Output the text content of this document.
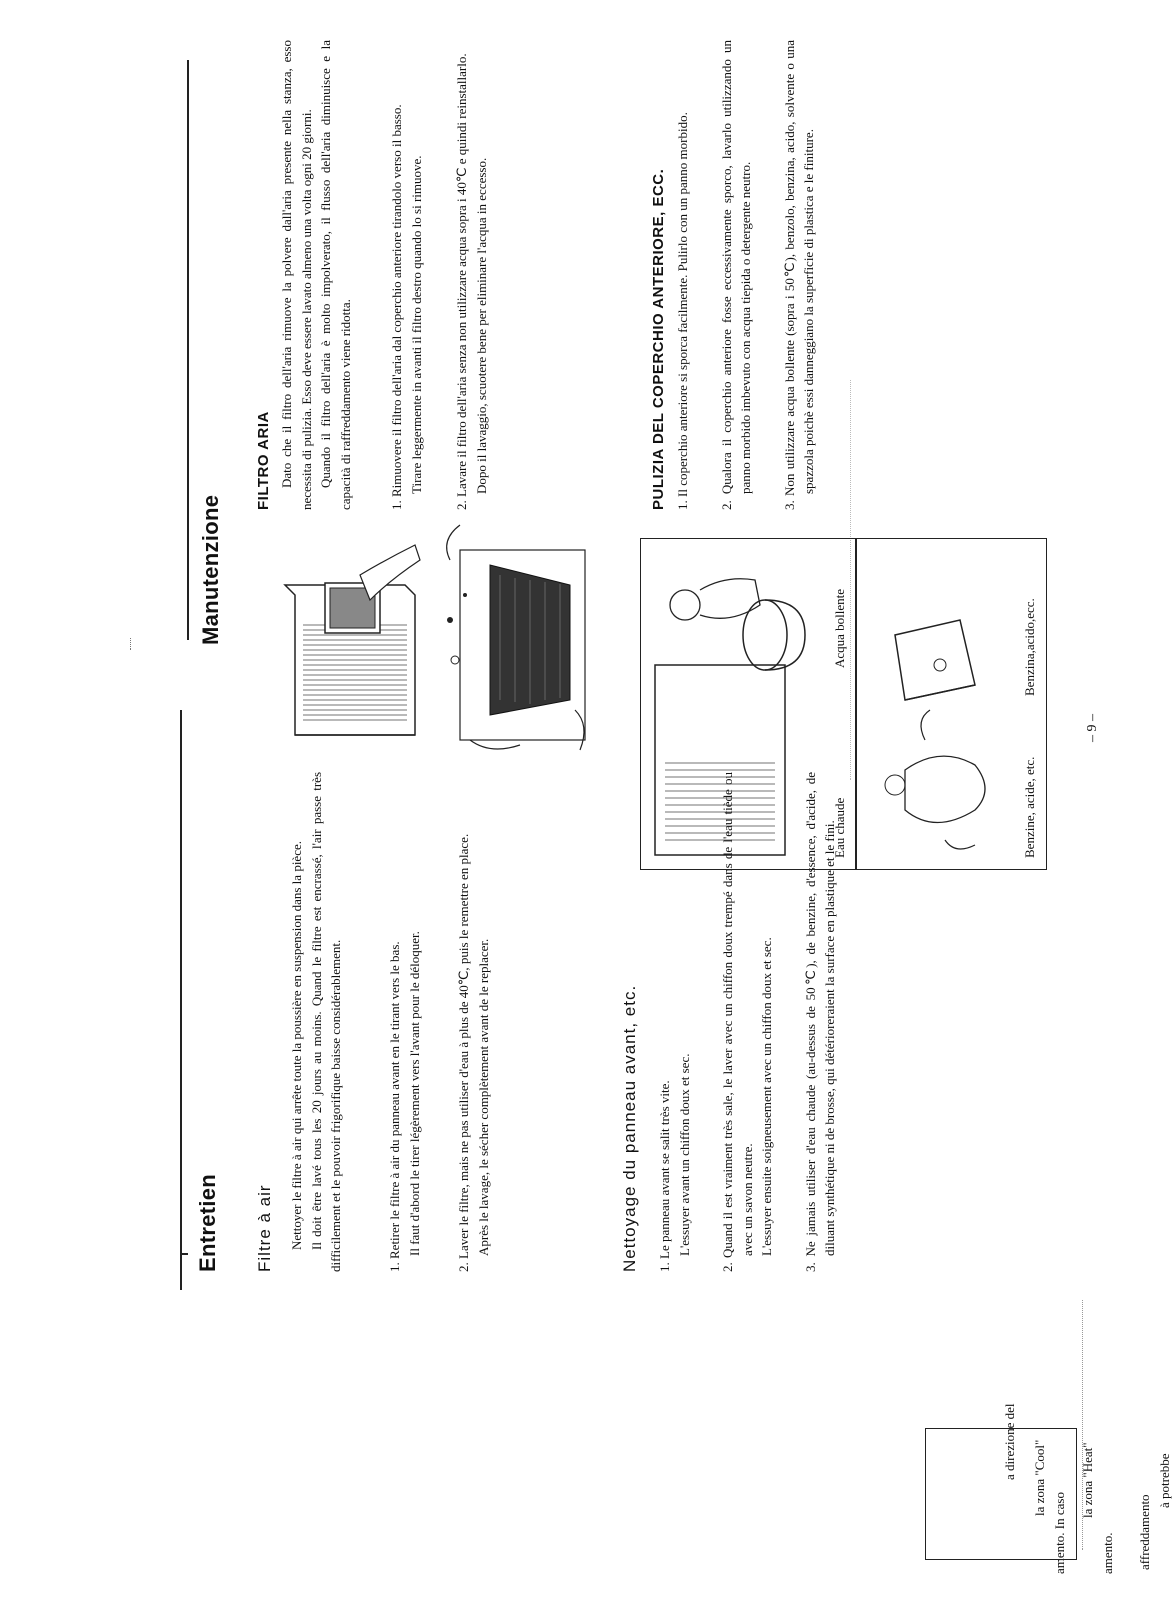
a direzione del la zona "Cool"
amento. In caso
la zona "Heat"
amento. affreddamento
à potrebbe
Entretien Filtre à air Nettoyer le filtre à air qui arrête toute la poussière en suspension dans la pièce. Il doit être lavé tous les 20 jours au moins. Quand le filtre est encrassé, l'air passe très difficilement et le pouvoir frigorifique baisse considérablement.	1. Retirer le filtre à air du panneau avant en le tirant vers le bas. Il faut d'abord le tirer légèrement vers l'avant pour le déloquer.	2. Laver le filtre, mais ne pas utiliser d'eau à plus de 40℃, puis le remettre en place. Après le lavage, le sécher complètement avant de le replacer.	Nettoyage du panneau avant, etc. 1. Le panneau avant se salit très vite. L'essuyer avant un chiffon doux et sec. 2. Quand il est vraiment très sale, le laver avec un chiffon doux trempé dans de l'eau tiède ou avec un savon neutre. L'essuyer ensuite soigneusement avec un chiffon doux et sec. 3. Ne jamais utiliser d'eau chaude (au-dessus de 50℃), de benzine, d'essence, d'acide, de diluant synthétique ni de brosse, qui détérioreraient la surface en plastique et le fini.

Eau chaude
Acqua bollente
Benzine, acide, etc.
Benzina,acido,ecc.
– 9 –
Manutenzione
FILTRO ARIA Dato che il filtro dell'aria rimuove la polvere dall'aria presente nella stanza, esso necessita di pulizia. Esso deve essere lavato almeno una volta ogni 20 giorni. Quando il filtro dell'aria è molto impolverato, il flusso dell'aria diminuisce e la capacità di raffreddamento viene ridotta.	1. Rimuovere il filtro dell'aria dal coperchio anteriore tirandolo verso il basso. Tirare leggermente in avanti il filtro destro quando lo si rimuove. 2. Lavare il filtro dell'aria senza non utilizzare acqua sopra i 40℃ e quindi reinstallarlo. Dopo il lavaggio, scuotere bene per eliminare l'acqua in eccesso.	PULIZIA DEL COPERCHIO ANTERIORE, ECC. 1. Il coperchio anteriore si sporca facilmente. Pulirlo con un panno morbido. 2. Qualora il coperchio anteriore fosse eccessivamente sporco, lavarlo utilizzando un panno morbido imbevuto con acqua tiepida o detergente neutro. 3. Non utilizzare acqua bollente (sopra i 50℃), benzolo, benzina, acido, solvente o una spazzola poichè essi danneggiano la superficie di plastica e le finiture.
